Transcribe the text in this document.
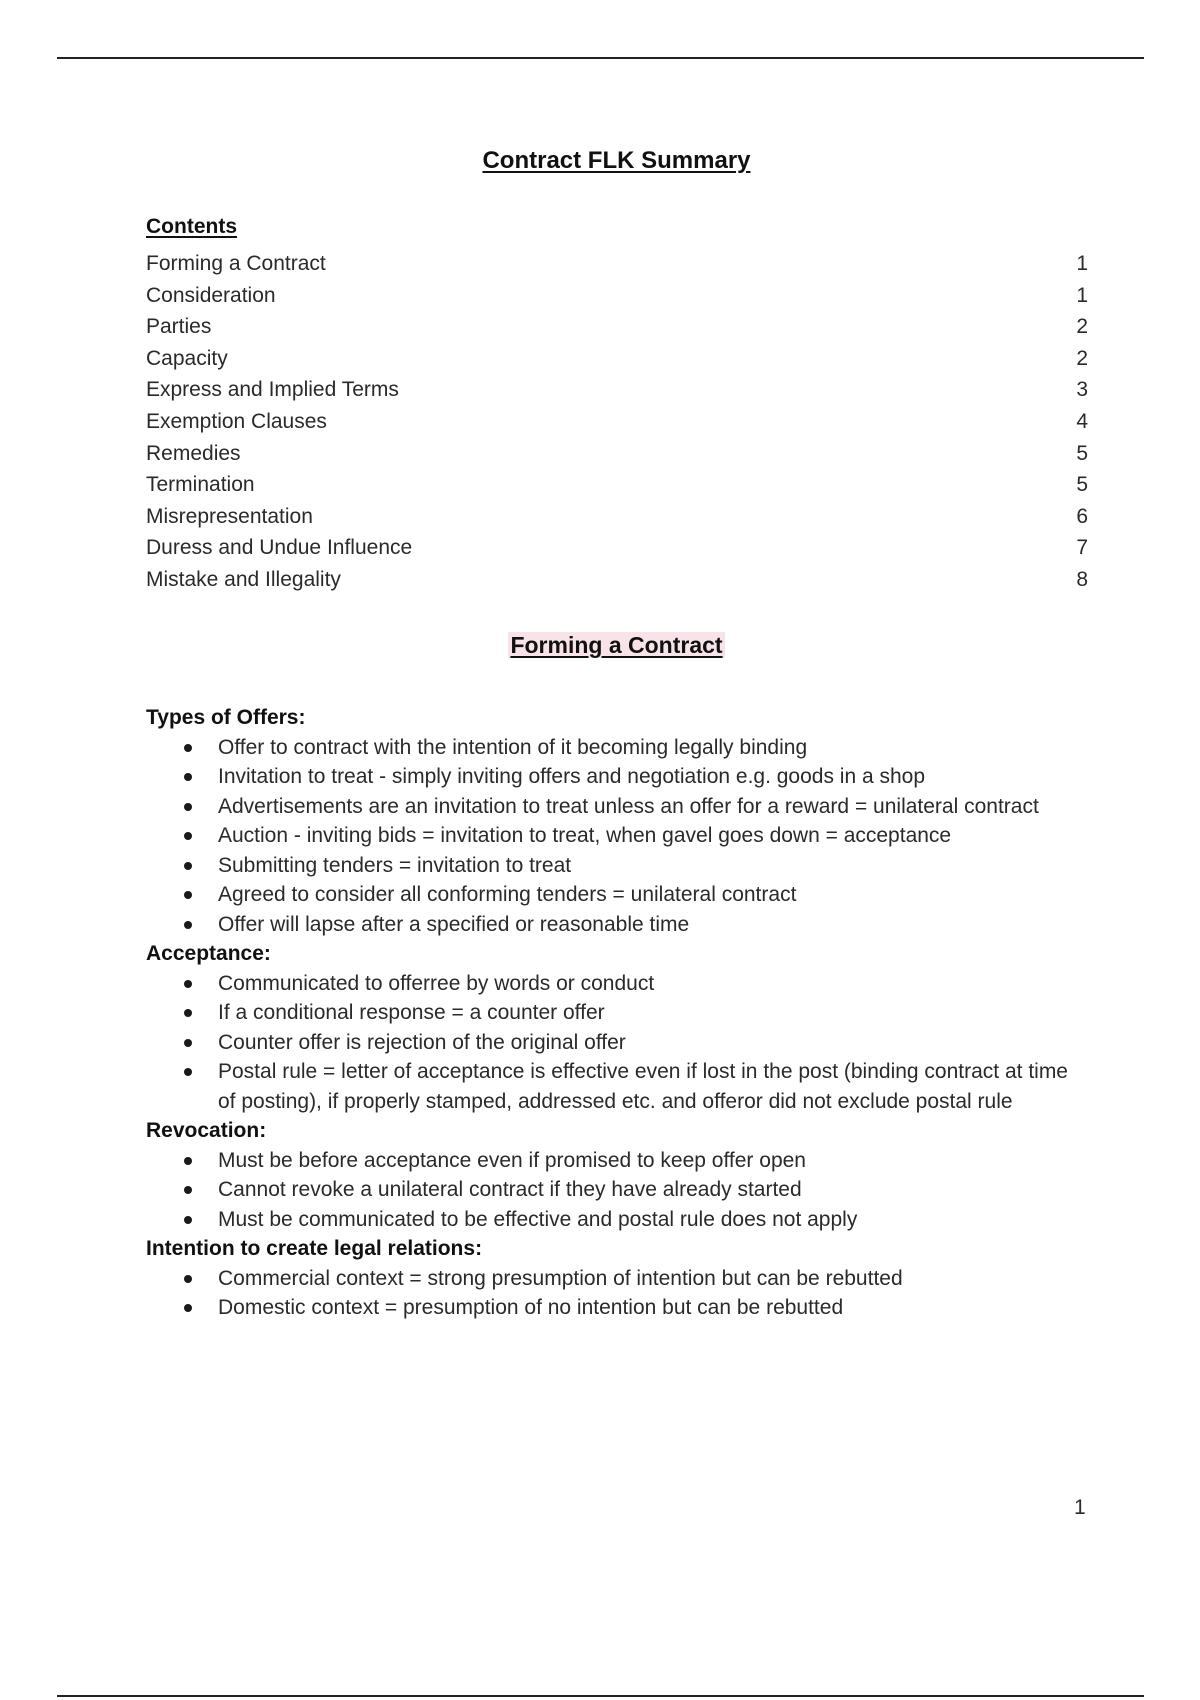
Contract FLK Summary
Contents
Forming a Contract	1
Consideration	1
Parties	2
Capacity	2
Express and Implied Terms	3
Exemption Clauses	4
Remedies	5
Termination	5
Misrepresentation	6
Duress and Undue Influence	7
Mistake and Illegality	8
Forming a Contract
Types of Offers:
Offer to contract with the intention of it becoming legally binding
Invitation to treat - simply inviting offers and negotiation e.g. goods in a shop
Advertisements are an invitation to treat unless an offer for a reward = unilateral contract
Auction - inviting bids = invitation to treat, when gavel goes down = acceptance
Submitting tenders = invitation to treat
Agreed to consider all conforming tenders = unilateral contract
Offer will lapse after a specified or reasonable time
Acceptance:
Communicated to offerree by words or conduct
If a conditional response = a counter offer
Counter offer is rejection of the original offer
Postal rule = letter of acceptance is effective even if lost in the post (binding contract at time of posting), if properly stamped, addressed etc. and offeror did not exclude postal rule
Revocation:
Must be before acceptance even if promised to keep offer open
Cannot revoke a unilateral contract if they have already started
Must be communicated to be effective and postal rule does not apply
Intention to create legal relations:
Commercial context = strong presumption of intention but can be rebutted
Domestic context = presumption of no intention but can be rebutted
1
